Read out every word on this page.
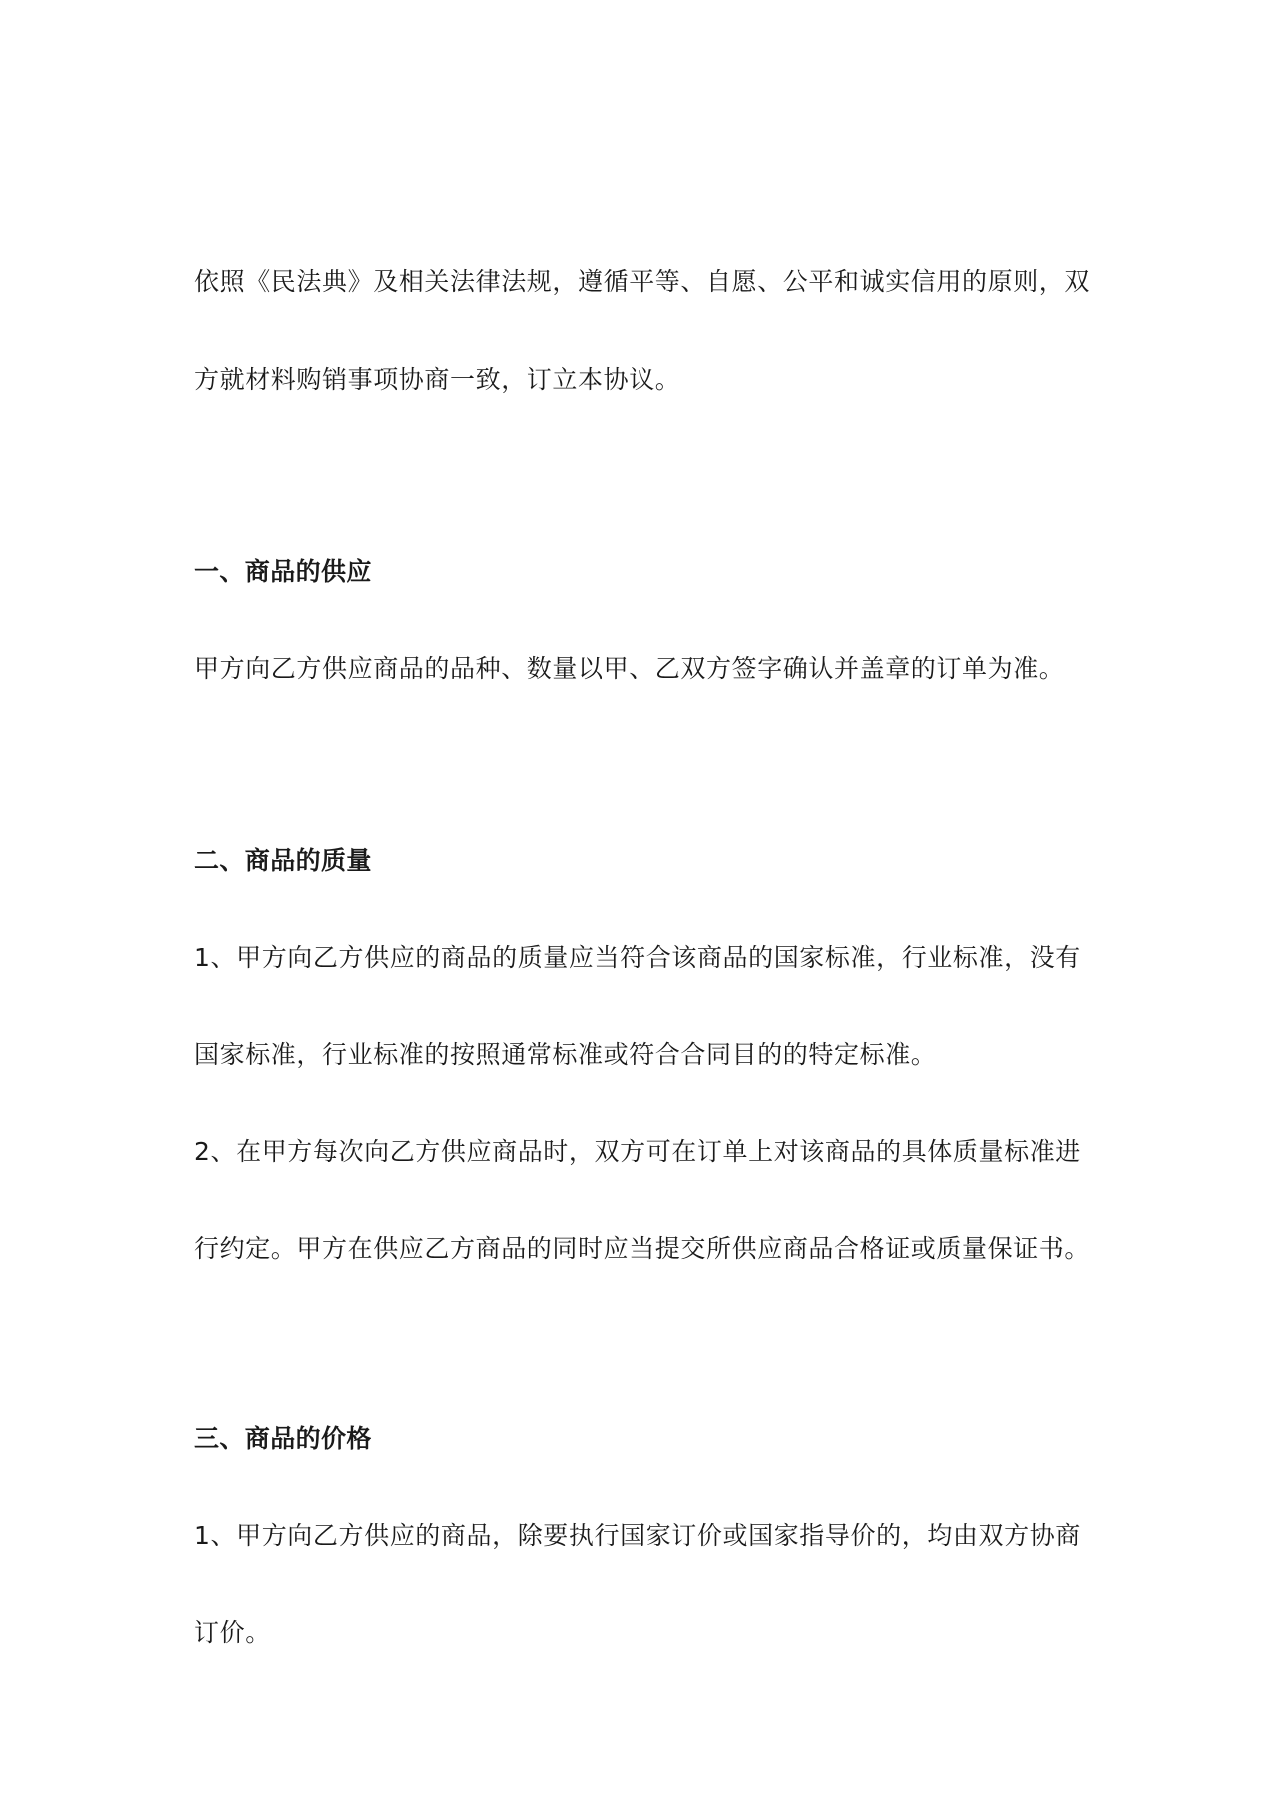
依照《民法典》及相关法律法规，遵循平等、自愿、公平和诚实信用的原则，双
方就材料购销事项协商一致，订立本协议。
一、商品的供应
甲方向乙方供应商品的品种、数量以甲、乙双方签字确认并盖章的订单为准。
二、商品的质量
1、甲方向乙方供应的商品的质量应当符合该商品的国家标准，行业标准，没有
国家标准，行业标准的按照通常标准或符合合同目的的特定标准。
2、在甲方每次向乙方供应商品时，双方可在订单上对该商品的具体质量标准进
行约定。甲方在供应乙方商品的同时应当提交所供应商品合格证或质量保证书。
三、商品的价格
1、甲方向乙方供应的商品，除要执行国家订价或国家指导价的，均由双方协商
订价。
